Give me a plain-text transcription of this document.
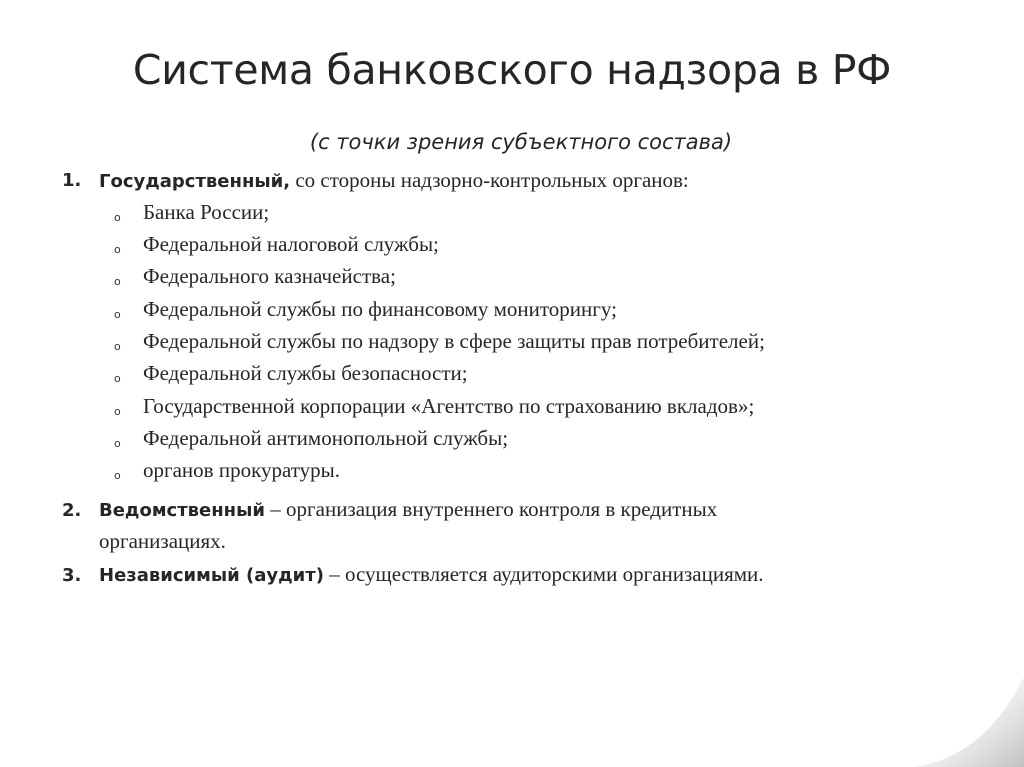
Система банковского надзора в РФ
(с точки зрения субъектного состава)
1. Государственный, со стороны надзорно-контрольных органов:
o Банка России;
o Федеральной налоговой службы;
o Федерального казначейства;
o Федеральной службы по финансовому мониторингу;
o Федеральной службы по надзору в сфере защиты прав потребителей;
o Федеральной службы безопасности;
o Государственной корпорации «Агентство по страхованию вкладов»;
o Федеральной антимонопольной службы;
o органов прокуратуры.
2. Ведомственный – организация внутреннего контроля в кредитных
организациях.
3. Независимый (аудит) – осуществляется аудиторскими организациями.
